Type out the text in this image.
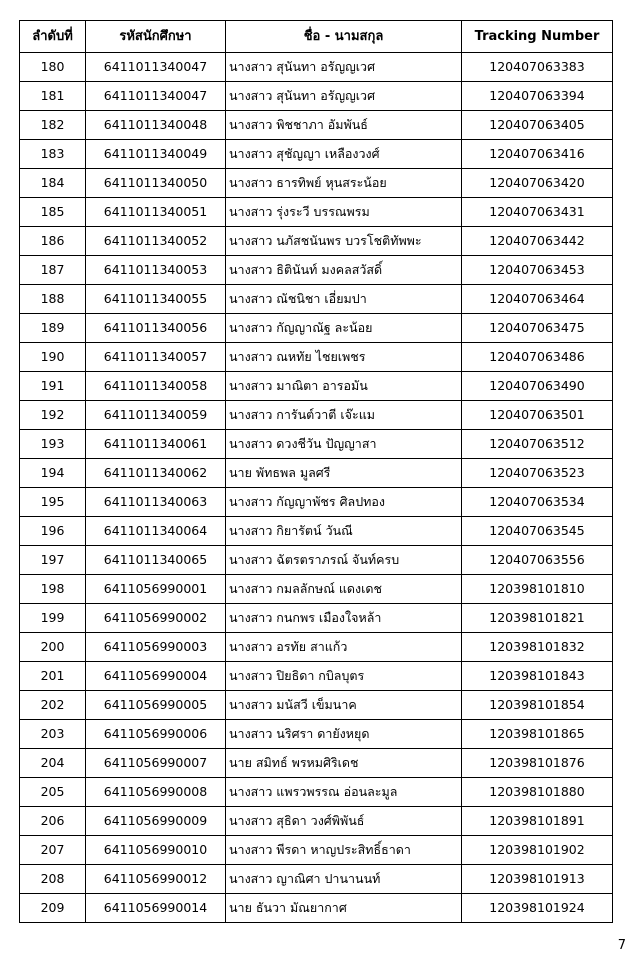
ลำดับที่	รหัสนักศึกษา	ชื่อ - นามสกุล	Tracking Number
180	6411011340047	นางสาว สุนันทา อรัญญเวศ	120407063383
181	6411011340047	นางสาว สุนันทา อรัญญเวศ	120407063394
182	6411011340048	นางสาว พิชชาภา อัมพันธ์	120407063405
183	6411011340049	นางสาว สุชัญญา เหลืองวงศ์	120407063416
184	6411011340050	นางสาว ธารทิพย์ หุนสระน้อย	120407063420
185	6411011340051	นางสาว รุ่งระวี บรรณพรม	120407063431
186	6411011340052	นางสาว นภัสชนันพร บวรโชติทัพพะ	120407063442
187	6411011340053	นางสาว ธิตินันท์ มงคลสวัสดิ์	120407063453
188	6411011340055	นางสาว ณัชนิชา เอี่ยมปา	120407063464
189	6411011340056	นางสาว กัญญาณัฐ ละน้อย	120407063475
190	6411011340057	นางสาว ณหทัย ไชยเพชร	120407063486
191	6411011340058	นางสาว มาณิตา อารอมัน	120407063490
192	6411011340059	นางสาว การันต์วาตี เจ๊ะแม	120407063501
193	6411011340061	นางสาว ดวงชีวัน ปัญญาสา	120407063512
194	6411011340062	นาย พัทธพล มูลศรี	120407063523
195	6411011340063	นางสาว กัญญาพัชร ศิลปทอง	120407063534
196	6411011340064	นางสาว กิยารัตน์ วันณี	120407063545
197	6411011340065	นางสาว ฉัตรตราภรณ์ จันท์ครบ	120407063556
198	6411056990001	นางสาว กมลลักษณ์ แดงเดช	120398101810
199	6411056990002	นางสาว กนกพร เมืองใจหล้า	120398101821
200	6411056990003	นางสาว อรทัย สาแก้ว	120398101832
201	6411056990004	นางสาว ปิยธิดา กบิลบุตร	120398101843
202	6411056990005	นางสาว มนัสวี เข็มนาค	120398101854
203	6411056990006	นางสาว นริศรา ดายังหยุด	120398101865
204	6411056990007	นาย สมิทธ์ พรหมศิริเดช	120398101876
205	6411056990008	นางสาว แพรวพรรณ อ่อนละมูล	120398101880
206	6411056990009	นางสาว สุธิดา วงศ์พิพันธ์	120398101891
207	6411056990010	นางสาว พีรดา หาญประสิทธิ์ธาดา	120398101902
208	6411056990012	นางสาว ญาณิศา ปานานนท์	120398101913
209	6411056990014	นาย ธันวา มัณยากาศ	120398101924
7
